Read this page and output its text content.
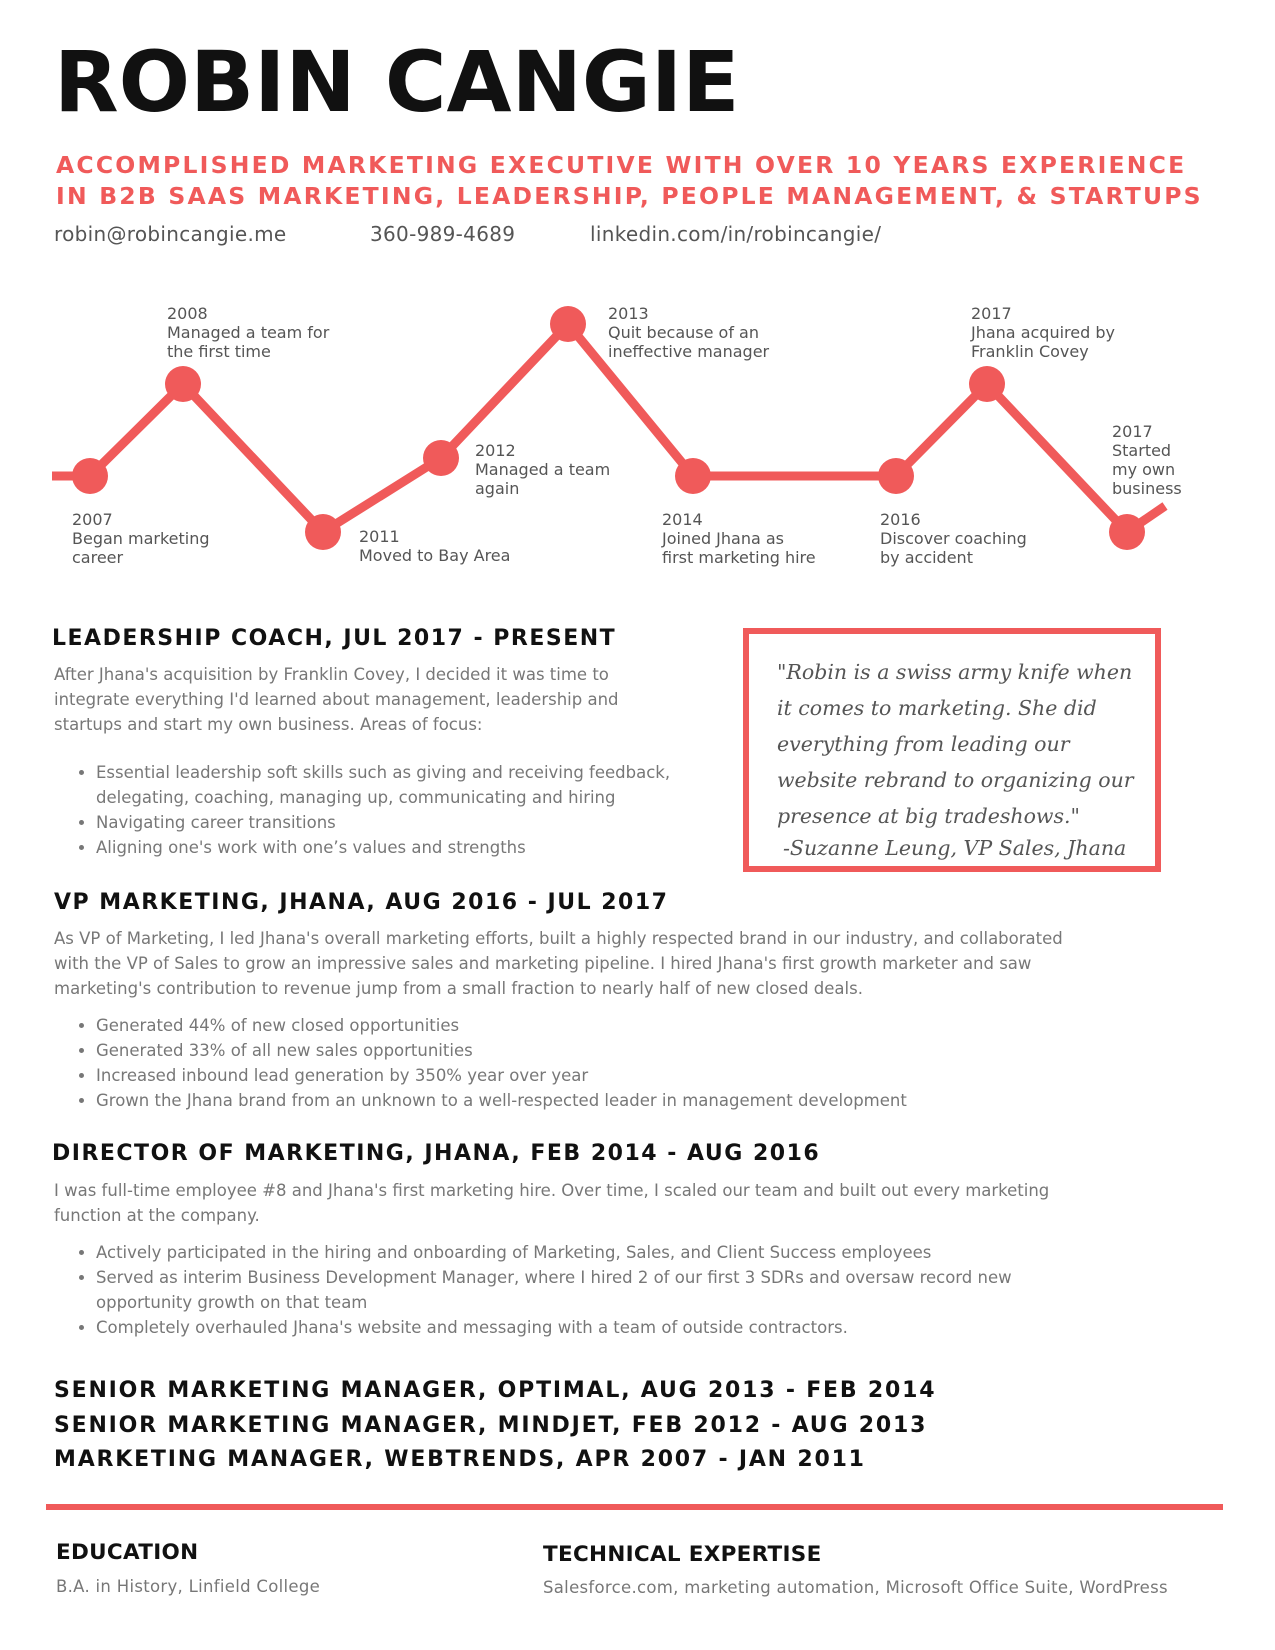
ROBIN CANGIE

ACCOMPLISHED MARKETING EXECUTIVE WITH OVER 10 YEARS EXPERIENCE
IN B2B SAAS MARKETING, LEADERSHIP, PEOPLE MANAGEMENT, & STARTUPS

robin@robincangie.me	360-989-4689	linkedin.com/in/robincangie/
2007
Began marketing
career
2008
Managed a team for
the first time
2011
Moved to Bay Area
2012
Managed a team
again
2013
Quit because of an
ineffective manager
2014
Joined Jhana as
first marketing hire
2016
Discover coaching
by accident
2017
Jhana acquired by
Franklin Covey
2017
Started
my own
business
LEADERSHIP COACH, JUL 2017 - PRESENT

After Jhana's acquisition by Franklin Covey, I decided it was time to
integrate everything I'd learned about management, leadership and
startups and start my own business. Areas of focus:

• Essential leadership soft skills such as giving and receiving feedback,
delegating, coaching, managing up, communicating and hiring
• Navigating career transitions
• Aligning one's work with one’s values and strengths

"Robin is a swiss army knife when
it comes to marketing. She did
everything from leading our
website rebrand to organizing our
presence at big tradeshows."

-Suzanne Leung, VP Sales, Jhana

VP MARKETING, JHANA, AUG 2016 - JUL 2017

As VP of Marketing, I led Jhana's overall marketing efforts, built a highly respected brand in our industry, and collaborated
with the VP of Sales to grow an impressive sales and marketing pipeline. I hired Jhana's first growth marketer and saw
marketing's contribution to revenue jump from a small fraction to nearly half of new closed deals.

• Generated 44% of new closed opportunities
• Generated 33% of all new sales opportunities
• Increased inbound lead generation by 350% year over year
• Grown the Jhana brand from an unknown to a well-respected leader in management development
DIRECTOR OF MARKETING, JHANA, FEB 2014 - AUG 2016

I was full-time employee #8 and Jhana's first marketing hire. Over time, I scaled our team and built out every marketing
function at the company.

• Actively participated in the hiring and onboarding of Marketing, Sales, and Client Success employees
• Served as interim Business Development Manager, where I hired 2 of our first 3 SDRs and oversaw record new
opportunity growth on that team
• Completely overhauled Jhana's website and messaging with a team of outside contractors.

SENIOR MARKETING MANAGER, OPTIMAL, AUG 2013 - FEB 2014

SENIOR MARKETING MANAGER, MINDJET, FEB 2012 - AUG 2013

MARKETING MANAGER, WEBTRENDS, APR 2007 - JAN 2011

EDUCATION

B.A. in History, Linfield College

TECHNICAL EXPERTISE

Salesforce.com, marketing automation, Microsoft Office Suite, WordPress
